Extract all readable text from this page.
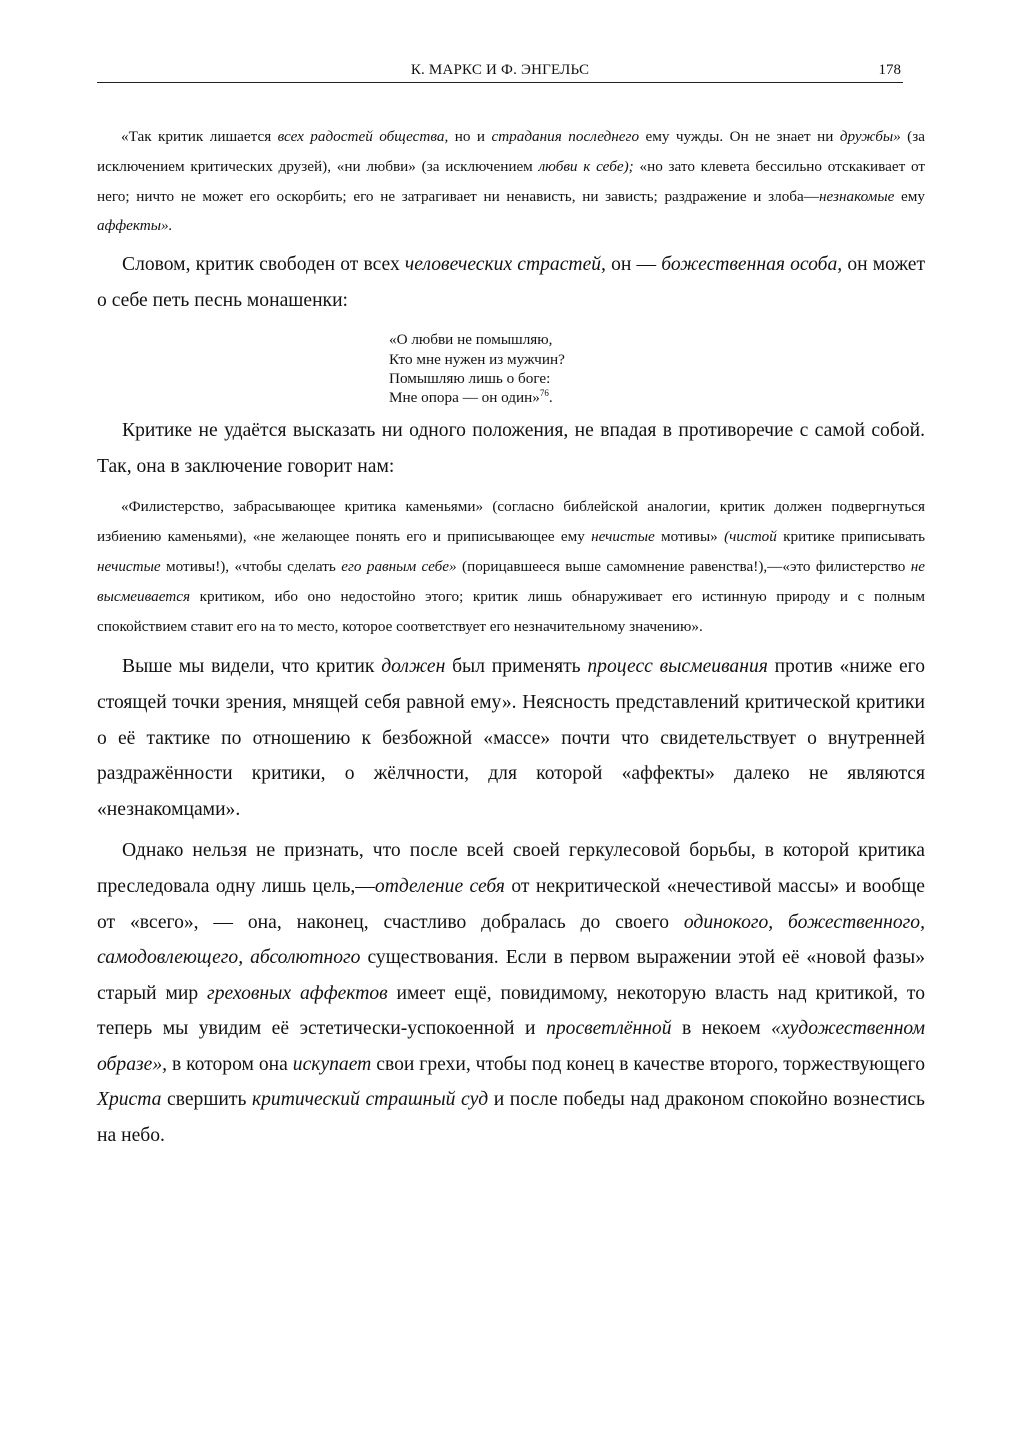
К. МАРКС И Ф. ЭНГЕЛЬС	178

«Так критик лишается всех радостей общества, но и страдания последнего ему чужды. Он не знает ни дружбы» (за исключением критических друзей), «ни любви» (за исключением любви к себе); «но зато клевета бессильно отскакивает от него; ничто не может его оскорбить; его не затрагивает ни ненависть, ни зависть; раздражение и злоба—незнакомые ему аффекты».

Словом, критик свободен от всех человеческих страстей, он — божественная особа, он может о себе петь песнь монашенки:

«О любви не помышляю,
Кто мне нужен из мужчин?
Помышляю лишь о боге:
Мне опора — он один»$^{76}$.

Критике не удаётся высказать ни одного положения, не впадая в противоречие с самой собой. Так, она в заключение говорит нам:

«Филистерство, забрасывающее критика каменьями» (согласно библейской аналогии, критик должен подвергнуться избиению каменьями), «не желающее понять его и приписывающее ему нечистые мотивы» (чистой критике приписывать нечистые мотивы!), «чтобы сделать его равным себе» (порицавшееся выше самомнение равенства!),—«это филистерство не высмеивается критиком, ибо оно недостойно этого; критик лишь обнаруживает его истинную природу и с полным спокойствием ставит его на то место, которое соответствует его незначительному значению».

Выше мы видели, что критик должен был применять процесс высмеивания против «ниже его стоящей точки зрения, мнящей себя равной ему». Неясность представлений критической критики о её тактике по отношению к безбожной «массе» почти что свидетельствует о внутренней раздражённости критики, о жёлчности, для которой «аффекты» далеко не являются «незнакомцами».

Однако нельзя не признать, что после всей своей геркулесовой борьбы, в которой критика преследовала одну лишь цель,—отделение себя от некритической «нечестивой массы» и вообще от «всего», — она, наконец, счастливо добралась до своего одинокого, божественного, самодовлеющего, абсолютного существования. Если в первом выражении этой её «новой фазы» старый мир греховных аффектов имеет ещё, повидимому, некоторую власть над критикой, то теперь мы увидим её эстетически-успокоенной и просветлённой в некоем «художественном образе», в котором она искупает свои грехи, чтобы под конец в качестве второго, торжествующего Христа свершить критический страшный суд и после победы над драконом спокойно вознестись на небо.
